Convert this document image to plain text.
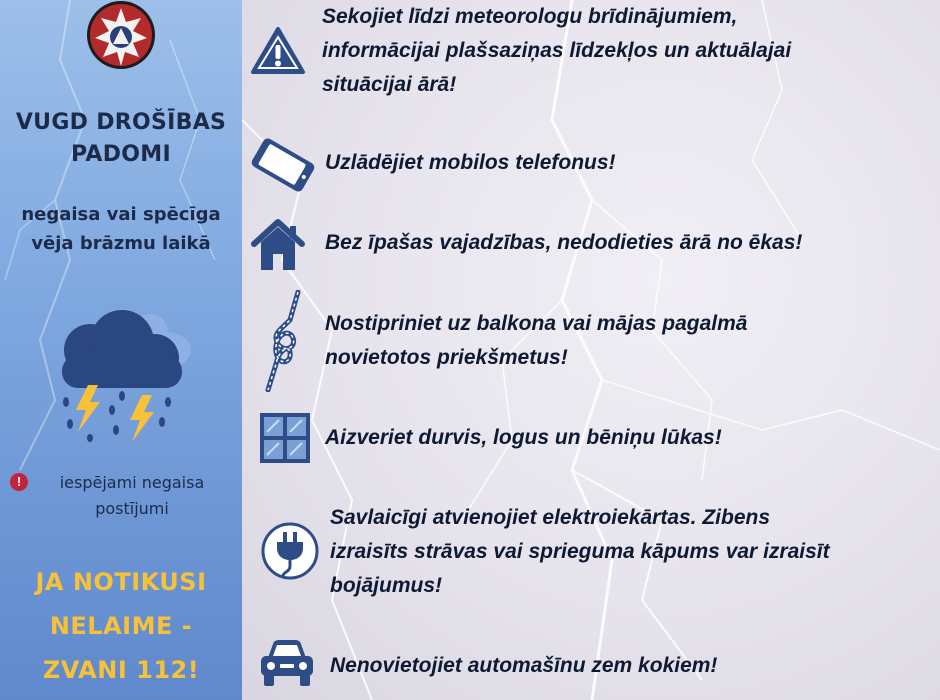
VUGD DROŠĪBAS
PADOMI
negaisa vai spēcīga
vēja brāzmu laikā
!	iespējami negaisa
postījumi
JA NOTIKUSI
NELAIME -
ZVANI 112!
Sekojiet līdzi meteorologu brīdinājumiem,
informācijai plašsaziņas līdzekļos un aktuālajai
situācijai ārā!
Uzlādējiet mobilos telefonus!
Bez īpašas vajadzības, nedodieties ārā no ēkas!
Nostipriniet uz balkona vai mājas pagalmā
novietotos priekšmetus!
Aizveriet durvis, logus un bēniņu lūkas!
Savlaicīgi atvienojiet elektroiekārtas. Zibens
izraisīts strāvas vai sprieguma kāpums var izraisīt
bojājumus!
Nenovietojiet automašīnu zem kokiem!
